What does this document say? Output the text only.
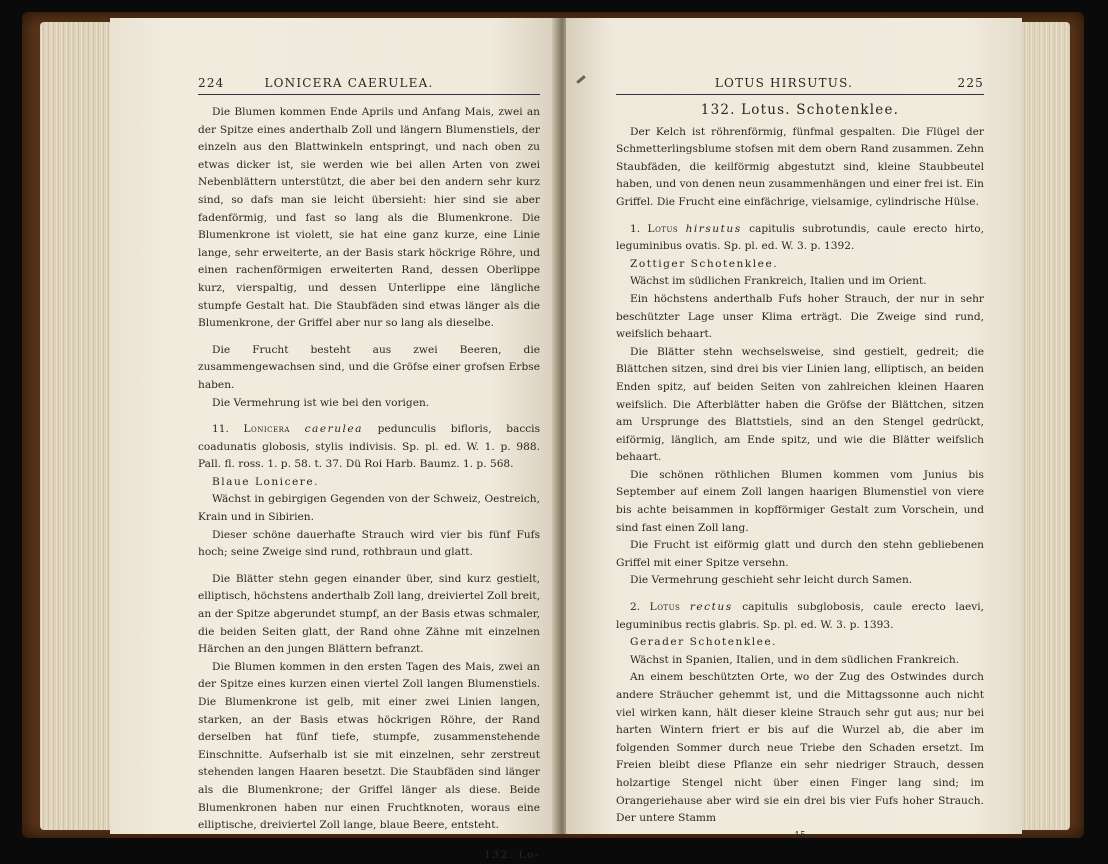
224	LONICERA CAERULEA.

Die Blumen kommen Ende Aprils und Anfang Mais, zwei an der Spitze eines anderthalb Zoll und längern Blumenstiels, der einzeln aus den Blattwinkeln entspringt, und nach oben zu etwas dicker ist, sie werden wie bei allen Arten von zwei Nebenblättern unterstützt, die aber bei den andern sehr kurz sind, so dafs man sie leicht übersieht: hier sind sie aber fadenförmig, und fast so lang als die Blumenkrone. Die Blumenkrone ist violett, sie hat eine ganz kurze, eine Linie lange, sehr erweiterte, an der Basis stark höckrige Röhre, und einen rachenförmigen erweiterten Rand, dessen Oberlippe kurz, vierspaltig, und dessen Unterlippe eine längliche stumpfe Gestalt hat. Die Staubfäden sind etwas länger als die Blumenkrone, der Griffel aber nur so lang als dieselbe.

Die Frucht besteht aus zwei Beeren, die zusammengewachsen sind, und die Gröfse einer grofsen Erbse haben.

Die Vermehrung ist wie bei den vorigen.

11. Lonicera caerulea pedunculis bifloris, baccis coadunatis globosis, stylis indivisis. Sp. pl. ed. W. 1. p. 988. Pall. fl. ross. 1. p. 58. t. 37. Dü Roi Harb. Baumz. 1. p. 568.

Blaue Lonicere.

Wächst in gebirgigen Gegenden von der Schweiz, Oestreich, Krain und in Sibirien.

Dieser schöne dauerhafte Strauch wird vier bis fünf Fufs hoch; seine Zweige sind rund, rothbraun und glatt.

Die Blätter stehn gegen einander über, sind kurz gestielt, elliptisch, höchstens anderthalb Zoll lang, dreiviertel Zoll breit, an der Spitze abgerundet stumpf, an der Basis etwas schmaler, die beiden Seiten glatt, der Rand ohne Zähne mit einzelnen Härchen an den jungen Blättern befranzt.

Die Blumen kommen in den ersten Tagen des Mais, zwei an der Spitze eines kurzen einen viertel Zoll langen Blumenstiels. Die Blumenkrone ist gelb, mit einer zwei Linien langen, starken, an der Basis etwas höckrigen Röhre, der Rand derselben hat fünf tiefe, stumpfe, zusammenstehende Einschnitte. Aufserhalb ist sie mit einzelnen, sehr zerstreut stehenden langen Haaren besetzt. Die Staubfäden sind länger als die Blumenkrone; der Griffel länger als diese. Beide Blumenkronen haben nur einen Fruchtknoten, woraus eine elliptische, dreiviertel Zoll lange, blaue Beere, entsteht.

132. Lo-

LOTUS HIRSUTUS.	225

132. Lotus. Schotenklee.

Der Kelch ist röhrenförmig, fünfmal gespalten. Die Flügel der Schmetterlingsblume stofsen mit dem obern Rand zusammen. Zehn Staubfäden, die keilförmig abgestutzt sind, kleine Staubbeutel haben, und von denen neun zusammenhängen und einer frei ist. Ein Griffel. Die Frucht eine einfächrige, vielsamige, cylindrische Hülse.

1. Lotus hirsutus capitulis subrotundis, caule erecto hirto, leguminibus ovatis. Sp. pl. ed. W. 3. p. 1392.

Zottiger Schotenklee.

Wächst im südlichen Frankreich, Italien und im Orient.

Ein höchstens anderthalb Fufs hoher Strauch, der nur in sehr beschützter Lage unser Klima erträgt. Die Zweige sind rund, weifslich behaart.

Die Blätter stehn wechselsweise, sind gestielt, gedreit; die Blättchen sitzen, sind drei bis vier Linien lang, elliptisch, an beiden Enden spitz, auf beiden Seiten von zahlreichen kleinen Haaren weifslich. Die Afterblätter haben die Gröfse der Blättchen, sitzen am Ursprunge des Blattstiels, sind an den Stengel gedrückt, eiförmig, länglich, am Ende spitz, und wie die Blätter weifslich behaart.

Die schönen röthlichen Blumen kommen vom Junius bis September auf einem Zoll langen haarigen Blumenstiel von viere bis achte beisammen in kopfförmiger Gestalt zum Vorschein, und sind fast einen Zoll lang.

Die Frucht ist eiförmig glatt und durch den stehn gebliebenen Griffel mit einer Spitze versehn.

Die Vermehrung geschieht sehr leicht durch Samen.

2. Lotus rectus capitulis subglobosis, caule erecto laevi, leguminibus rectis glabris. Sp. pl. ed. W. 3. p. 1393.

Gerader Schotenklee.

Wächst in Spanien, Italien, und in dem südlichen Frankreich.

An einem beschützten Orte, wo der Zug des Ostwindes durch andere Sträucher gehemmt ist, und die Mittagssonne auch nicht viel wirken kann, hält dieser kleine Strauch sehr gut aus; nur bei harten Wintern friert er bis auf die Wurzel ab, die aber im folgenden Sommer durch neue Triebe den Schaden ersetzt. Im Freien bleibt diese Pflanze ein sehr niedriger Strauch, dessen holzartige Stengel nicht über einen Finger lang sind; im Orangeriehause aber wird sie ein drei bis vier Fufs hoher Strauch. Der untere Stamm

15
